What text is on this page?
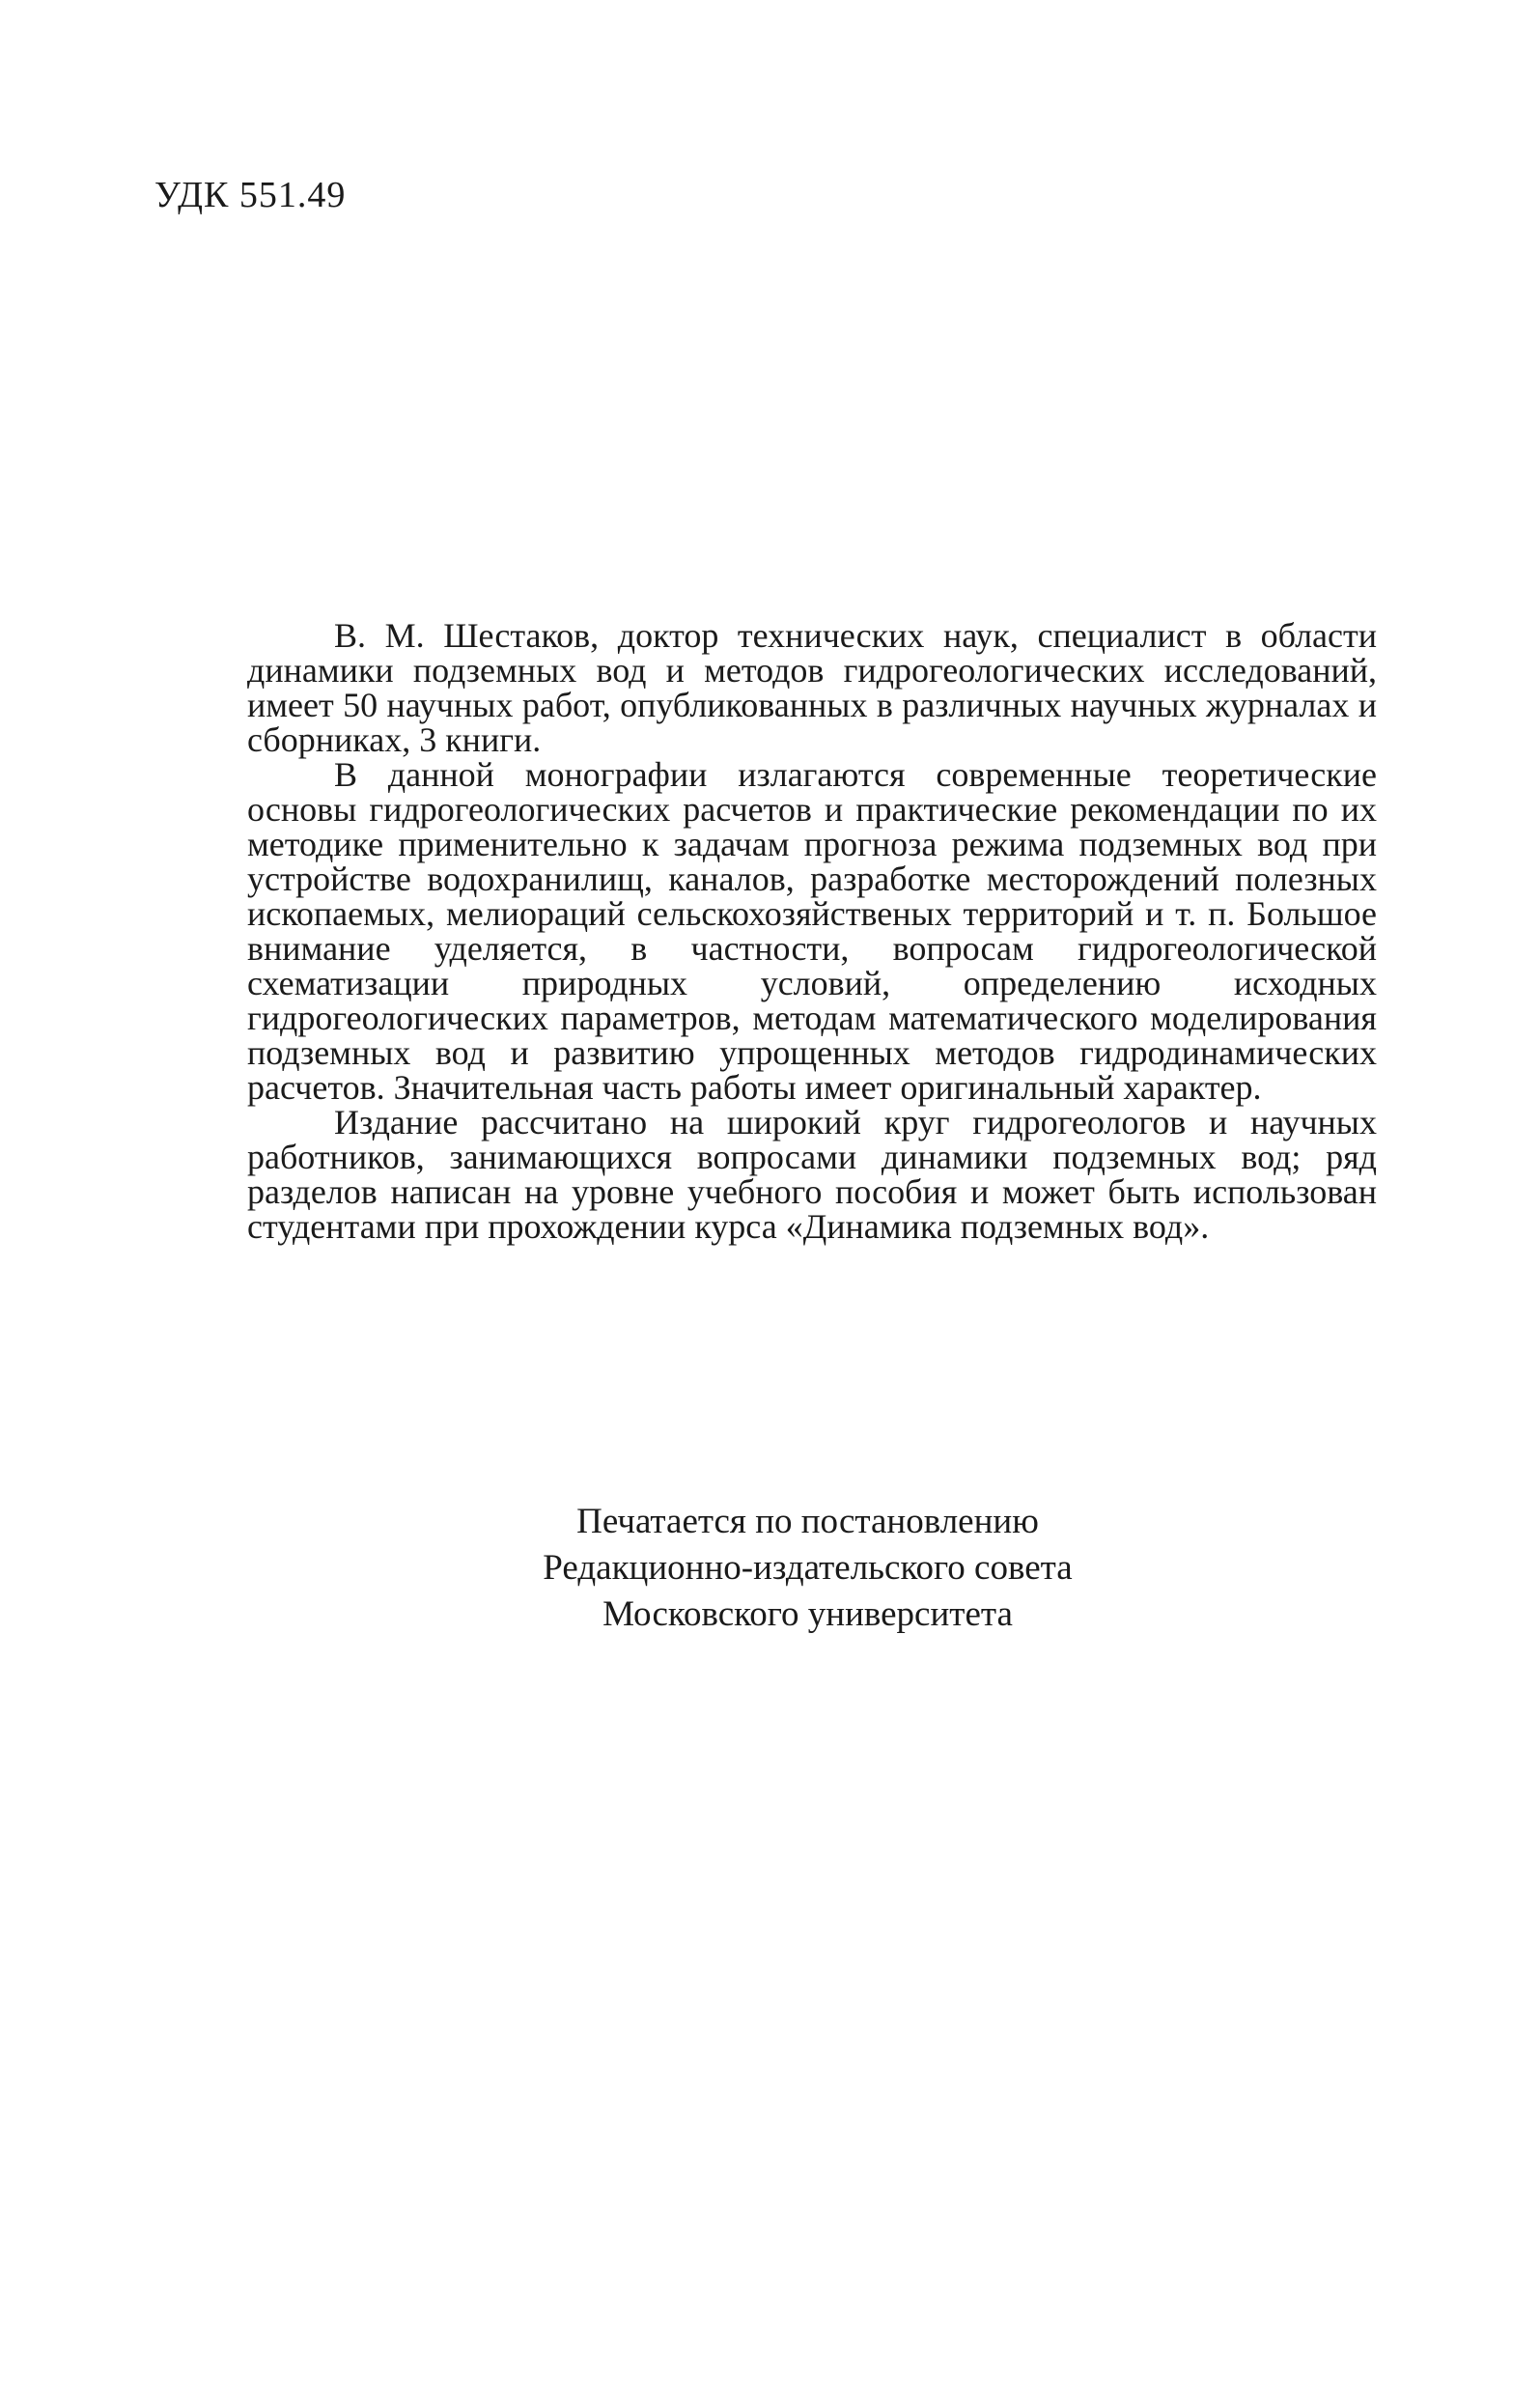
УДК 551.49

В. М. Шестаков, доктор технических наук, специалист в области динамики подземных вод и методов гидрогеологических исследований, имеет 50 научных работ, опубликованных в различных научных журналах и сборниках, 3 книги.

В данной монографии излагаются современные теоретические основы гидрогеологических расчетов и практические рекомендации по их методике применительно к задачам прогноза режима подземных вод при устройстве водохранилищ, каналов, разработке месторождений полезных ископаемых, мелиораций сельскохозяйственых территорий и т. п. Большое внимание уделяется, в частности, вопросам гидрогеологической схематизации природных условий, определению исходных гидрогеологических параметров, методам математического моделирования подземных вод и развитию упрощенных методов гидродинамических расчетов. Значительная часть работы имеет оригинальный характер.

Издание рассчитано на широкий круг гидрогеологов и научных работников, занимающихся вопросами динамики подземных вод; ряд разделов написан на уровне учебного пособия и может быть использован студентами при прохождении курса «Динамика подземных вод».

Печатается по постановлению
Редакционно-издательского совета
Московского университета
